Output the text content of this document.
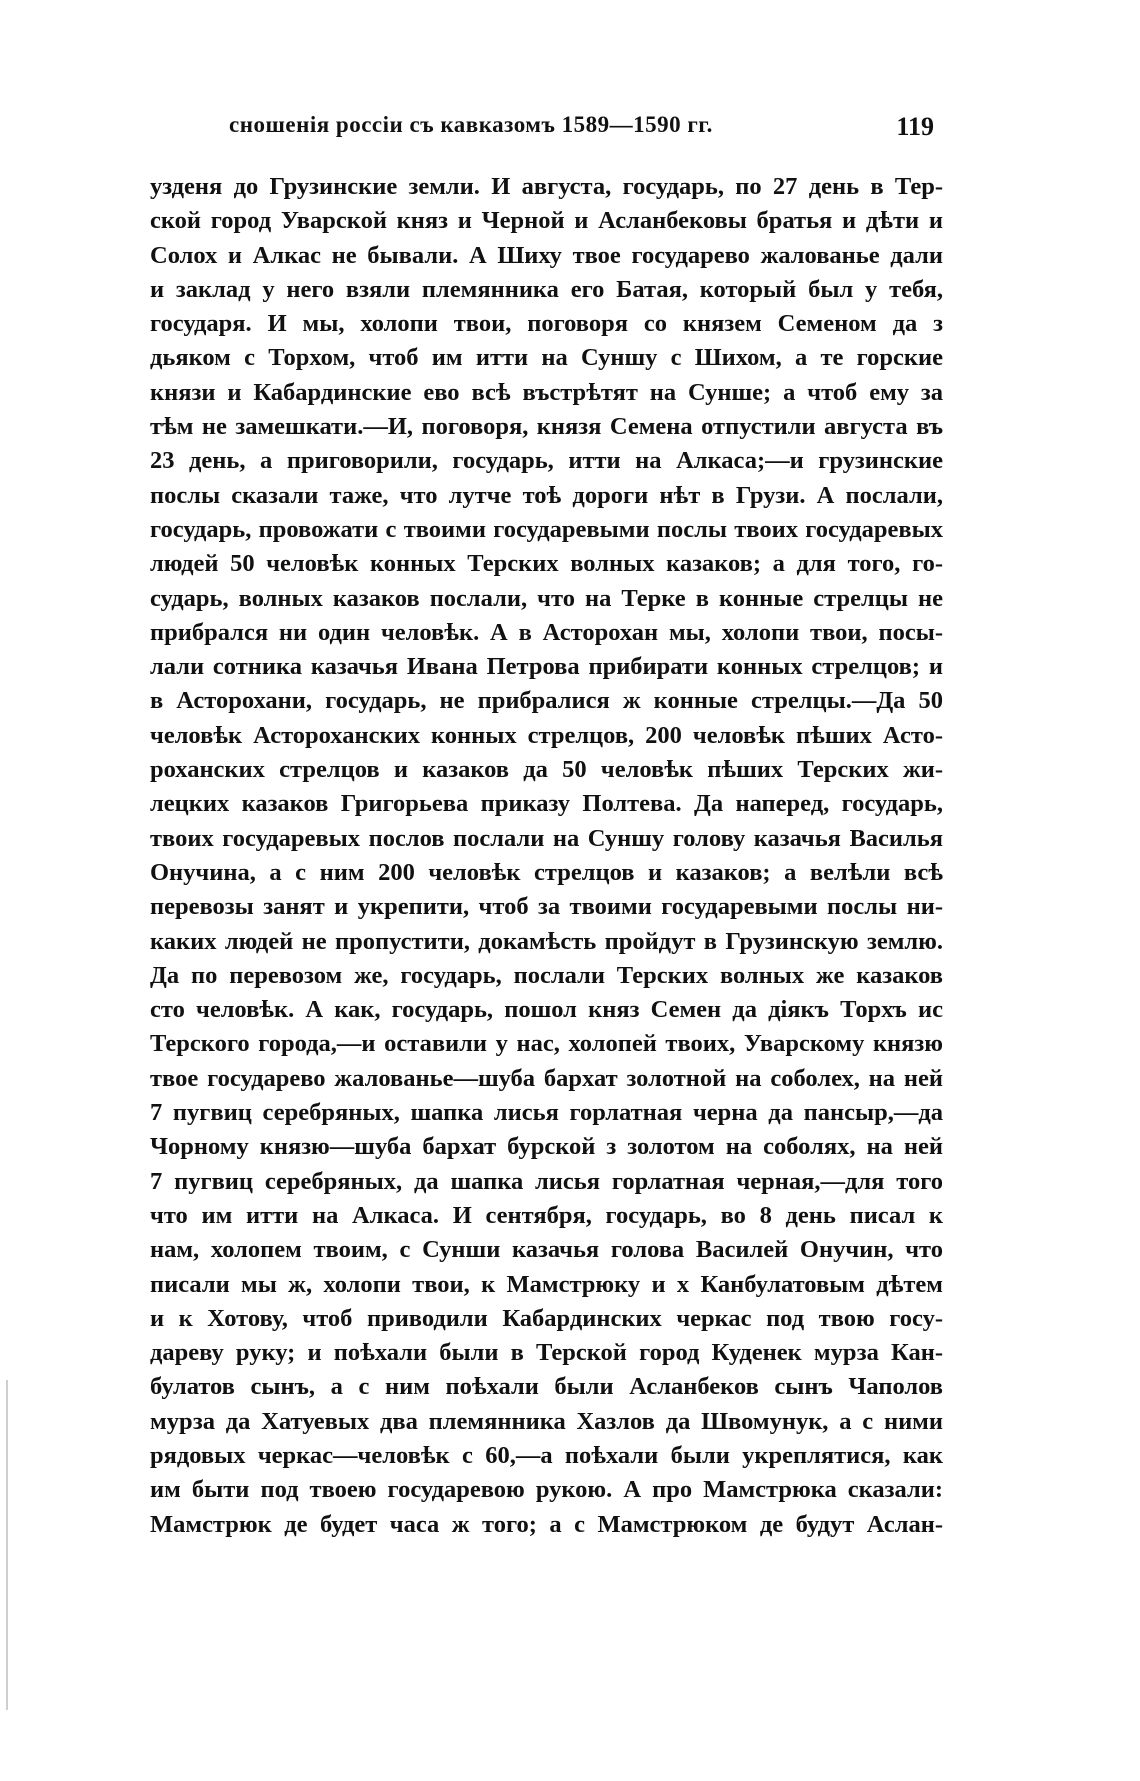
сношенія россіи съ кавказомъ 1589—1590 гг.	119
узденя до Грузинские земли. И августа, государь, по 27 день в Тер-
ской город Уварской княз и Черной и Асланбековы братья и дѣти и
Солох и Алкас не бывали. А Шиху твое государево жалованье дали
и заклад у него взяли племянника его Батая, который был у тебя,
государя. И мы, холопи твои, поговоря со князем Семеном да з
дьяком с Торхом, чтоб им итти на Суншу с Шихом, а те горские
князи и Кабардинские ево всѣ въстрѣтят на Сунше; а чтоб ему за
тѣм не замешкати.—И, поговоря, князя Семена отпустили августа въ
23 день, а приговорили, государь, итти на Алкаса;—и грузинские
послы сказали таже, что лутче тоѣ дороги нѣт в Грузи. А послали,
государь, провожати с твоими государевыми послы твоих государевых
людей 50 человѣк конных Терских волных казаков; а для того, го-
сударь, волных казаков послали, что на Терке в конные стрелцы не
прибрался ни один человѣк. А в Асторохан мы, холопи твои, посы-
лали сотника казачья Ивана Петрова прибирати конных стрелцов; и
в Асторохани, государь, не прибралися ж конные стрелцы.—Да 50
человѣк Астороханских конных стрелцов, 200 человѣк пѣших Асто-
роханских стрелцов и казаков да 50 человѣк пѣших Терских жи-
лецких казаков Григорьева приказу Полтева. Да наперед, государь,
твоих государевых послов послали на Суншу голову казачья Василья
Онучина, а с ним 200 человѣк стрелцов и казаков; а велѣли всѣ
перевозы занят и укрепити, чтоб за твоими государевыми послы ни-
каких людей не пропустити, докамѣсть пройдут в Грузинскую землю.
Да по перевозом же, государь, послали Терских волных же казаков
сто человѣк. А как, государь, пошол княз Семен да діякъ Торхъ ис
Терского города,—и оставили у нас, холопей твоих, Уварскому князю
твое государево жалованье—шуба бархат золотной на соболех, на ней
7 пугвиц серебряных, шапка лисья горлатная черна да пансыр,—да
Чорному князю—шуба бархат бурской з золотом на соболях, на ней
7 пугвиц серебряных, да шапка лисья горлатная черная,—для того
что им итти на Алкаса. И сентября, государь, во 8 день писал к
нам, холопем твоим, с Сунши казачья голова Василей Онучин, что
писали мы ж, холопи твои, к Мамстрюку и х Канбулатовым дѣтем
и к Хотову, чтоб приводили Кабардинских черкас под твою госу-
дареву руку; и поѣхали были в Терской город Куденек мурза Кан-
булатов сынъ, а с ним поѣхали были Асланбеков сынъ Чаполов
мурза да Хатуевых два племянника Хазлов да Швомунук, а с ними
рядовых черкас—человѣк с 60,—а поѣхали были укреплятися, как
им быти под твоею государевою рукою. А про Мамстрюка сказали:
Мамстрюк де будет часа ж того; а с Мамстрюком де будут Аслан-
